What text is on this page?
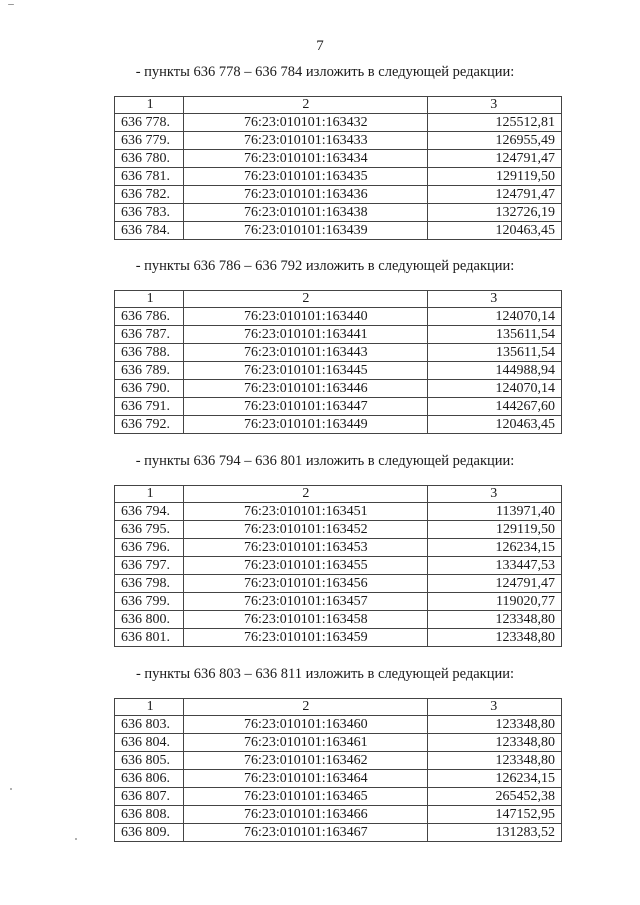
7
- пункты 636 778 – 636 784 изложить в следующей редакции:
1	2	3
636 778.	76:23:010101:163432	125512,81
636 779.	76:23:010101:163433	126955,49
636 780.	76:23:010101:163434	124791,47
636 781.	76:23:010101:163435	129119,50
636 782.	76:23:010101:163436	124791,47
636 783.	76:23:010101:163438	132726,19
636 784.	76:23:010101:163439	120463,45
- пункты 636 786 – 636 792 изложить в следующей редакции:
1	2	3
636 786.	76:23:010101:163440	124070,14
636 787.	76:23:010101:163441	135611,54
636 788.	76:23:010101:163443	135611,54
636 789.	76:23:010101:163445	144988,94
636 790.	76:23:010101:163446	124070,14
636 791.	76:23:010101:163447	144267,60
636 792.	76:23:010101:163449	120463,45
- пункты 636 794 – 636 801 изложить в следующей редакции:
1	2	3
636 794.	76:23:010101:163451	113971,40
636 795.	76:23:010101:163452	129119,50
636 796.	76:23:010101:163453	126234,15
636 797.	76:23:010101:163455	133447,53
636 798.	76:23:010101:163456	124791,47
636 799.	76:23:010101:163457	119020,77
636 800.	76:23:010101:163458	123348,80
636 801.	76:23:010101:163459	123348,80
- пункты 636 803 – 636 811 изложить в следующей редакции:
1	2	3
636 803.	76:23:010101:163460	123348,80
636 804.	76:23:010101:163461	123348,80
636 805.	76:23:010101:163462	123348,80
636 806.	76:23:010101:163464	126234,15
636 807.	76:23:010101:163465	265452,38
636 808.	76:23:010101:163466	147152,95
636 809.	76:23:010101:163467	131283,52
